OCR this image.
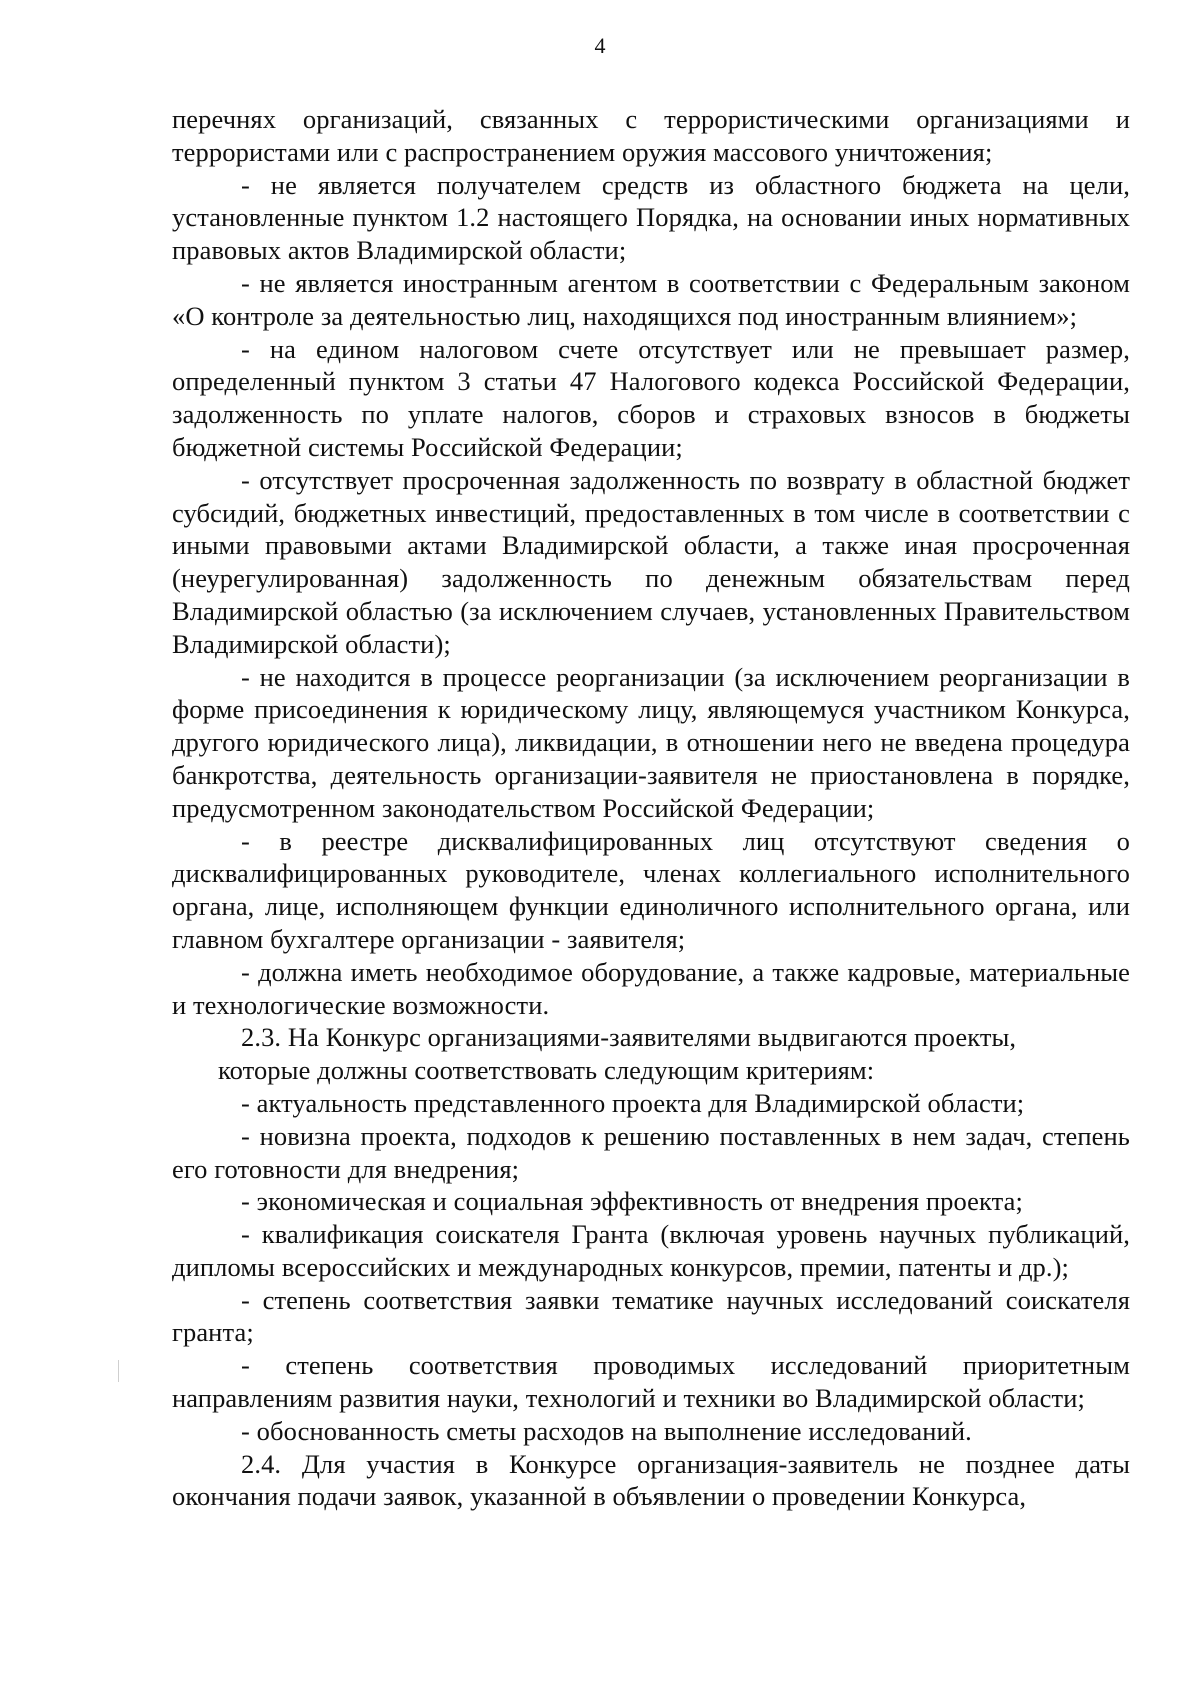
4

перечнях организаций, связанных с террористическими организациями и террористами или с распространением оружия массового уничтожения;

- не является получателем средств из областного бюджета на цели, установленные пунктом 1.2 настоящего Порядка, на основании иных нормативных правовых актов Владимирской области;

- не является иностранным агентом в соответствии с Федеральным законом «О контроле за деятельностью лиц, находящихся под иностранным влиянием»;

- на едином налоговом счете отсутствует или не превышает размер, определенный пунктом 3 статьи 47 Налогового кодекса Российской Федерации, задолженность по уплате налогов, сборов и страховых взносов в бюджеты бюджетной системы Российской Федерации;

- отсутствует просроченная задолженность по возврату в областной бюджет субсидий, бюджетных инвестиций, предоставленных в том числе в соответствии с иными правовыми актами Владимирской области, а также иная просроченная (неурегулированная) задолженность по денежным обязательствам перед Владимирской областью (за исключением случаев, установленных Правительством Владимирской области);

- не находится в процессе реорганизации (за исключением реорганизации в форме присоединения к юридическому лицу, являющемуся участником Конкурса, другого юридического лица), ликвидации, в отношении него не введена процедура банкротства, деятельность организации-заявителя не приостановлена в порядке, предусмотренном законодательством Российской Федерации;

- в реестре дисквалифицированных лиц отсутствуют сведения о дисквалифицированных руководителе, членах коллегиального исполнительного органа, лице, исполняющем функции единоличного исполнительного органа, или главном бухгалтере организации - заявителя;

- должна иметь необходимое оборудование, а также кадровые, материальные и технологические возможности.

2.3. На Конкурс организациями-заявителями выдвигаются проекты,

которые должны соответствовать следующим критериям:

- актуальность представленного проекта для Владимирской области;

- новизна проекта, подходов к решению поставленных в нем задач, степень его готовности для внедрения;

- экономическая и социальная эффективность от внедрения проекта;

- квалификация соискателя Гранта (включая уровень научных публикаций, дипломы всероссийских и международных конкурсов, премии, патенты и др.);

- степень соответствия заявки тематике научных исследований соискателя гранта;

- степень соответствия проводимых исследований приоритетным направлениям развития науки, технологий и техники во Владимирской области;

- обоснованность сметы расходов на выполнение исследований.

2.4. Для участия в Конкурсе организация-заявитель не позднее даты окончания подачи заявок, указанной в объявлении о проведении Конкурса,
